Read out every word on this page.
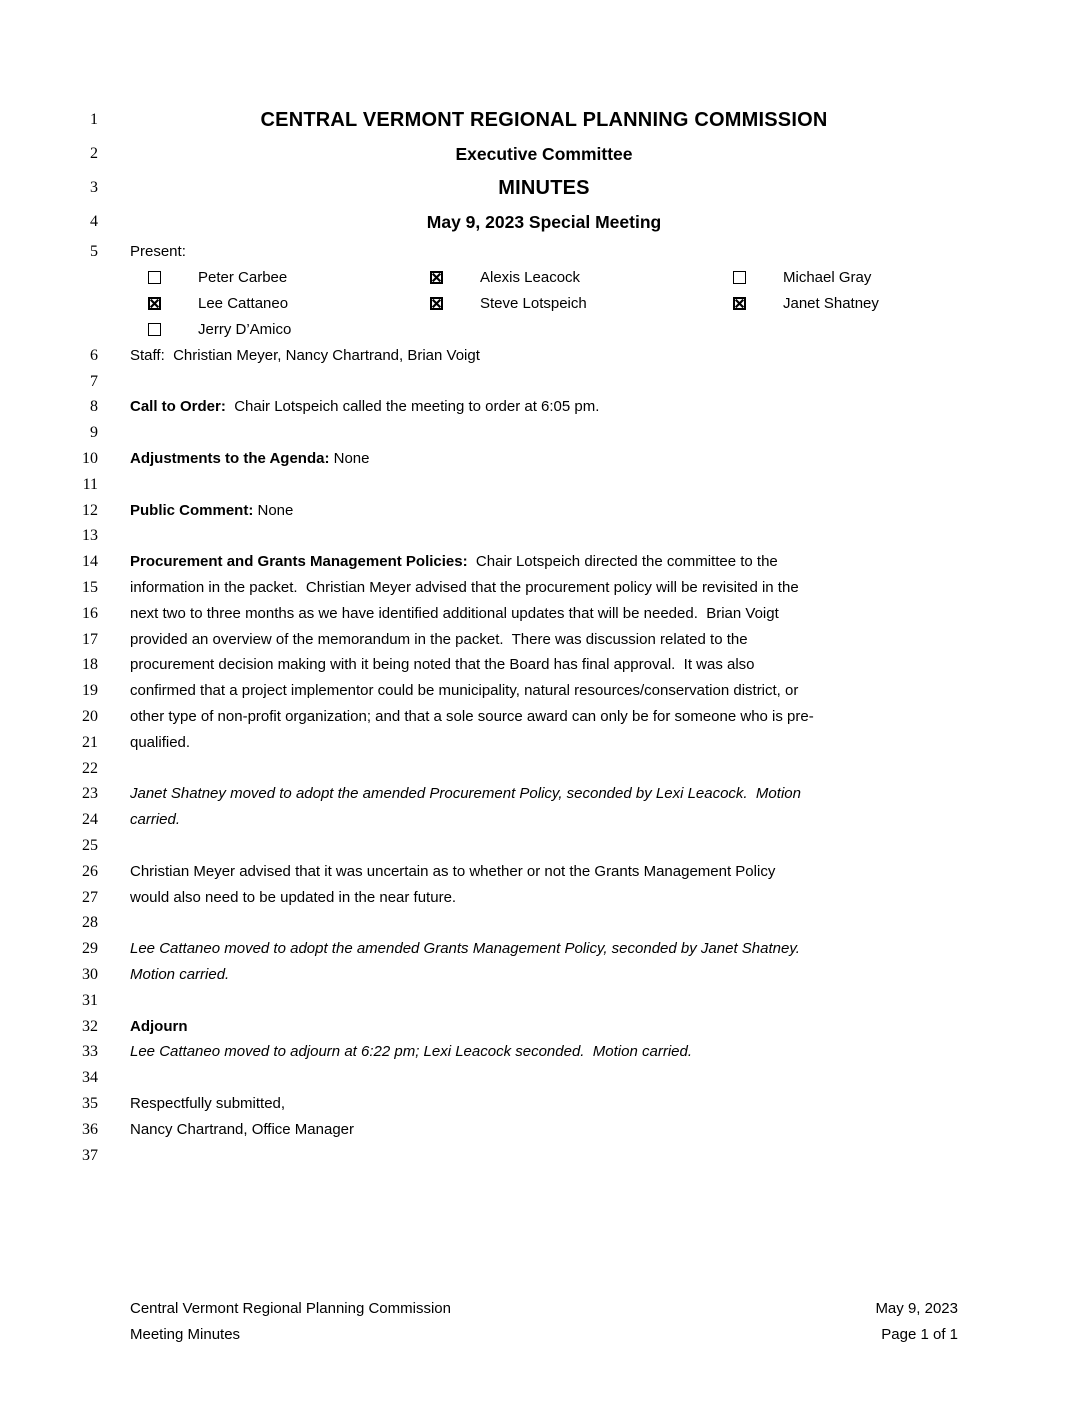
1	CENTRAL VERMONT REGIONAL PLANNING COMMISSION
2	Executive Committee
3	MINUTES
4	May 9, 2023 Special Meeting
5 Present:
Peter Carbee	Alexis Leacock	Michael Gray
Lee Cattaneo	Steve Lotspeich	Janet Shatney
Jerry D’Amico
6 Staff:  Christian Meyer, Nancy Chartrand, Brian Voigt
7
8 Call to Order:  Chair Lotspeich called the meeting to order at 6:05 pm.
9
10 Adjustments to the Agenda: None
11
12 Public Comment: None
13
14 Procurement and Grants Management Policies:  Chair Lotspeich directed the committee to the
15 information in the packet.  Christian Meyer advised that the procurement policy will be revisited in the
16 next two to three months as we have identified additional updates that will be needed.  Brian Voigt
17 provided an overview of the memorandum in the packet.  There was discussion related to the
18 procurement decision making with it being noted that the Board has final approval.  It was also
19 confirmed that a project implementor could be municipality, natural resources/conservation district, or
20 other type of non-profit organization; and that a sole source award can only be for someone who is pre-
21 qualified.
22
23 Janet Shatney moved to adopt the amended Procurement Policy, seconded by Lexi Leacock.  Motion
24 carried.
25
26 Christian Meyer advised that it was uncertain as to whether or not the Grants Management Policy
27 would also need to be updated in the near future.
28
29 Lee Cattaneo moved to adopt the amended Grants Management Policy, seconded by Janet Shatney.
30 Motion carried.
31
32 Adjourn
33 Lee Cattaneo moved to adjourn at 6:22 pm; Lexi Leacock seconded.  Motion carried.
34
35 Respectfully submitted,
36 Nancy Chartrand, Office Manager
37
Central Vermont Regional Planning Commission
Meeting Minutes
May 9, 2023
Page 1 of 1
